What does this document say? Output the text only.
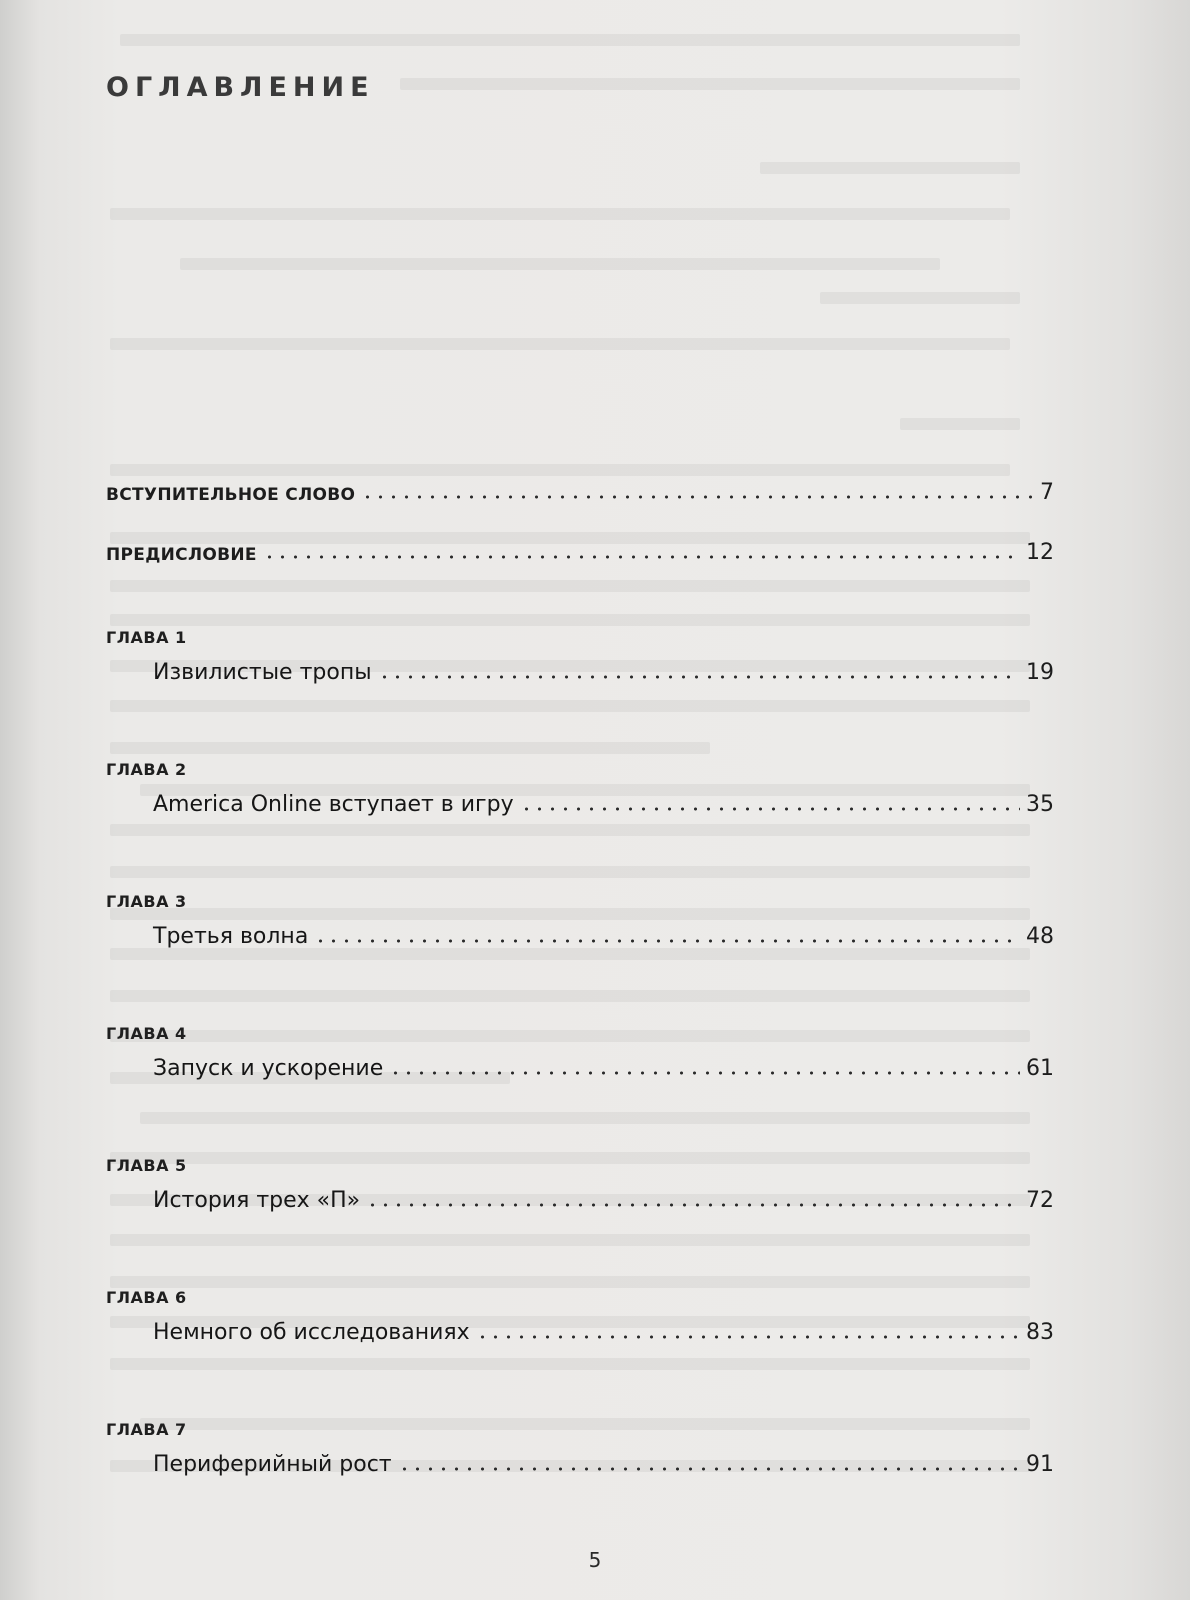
ОГЛАВЛЕНИЕ
ВСТУПИТЕЛЬНОЕ СЛОВО	7
ПРЕДИСЛОВИЕ	12
ГЛАВА 1
Извилистые тропы	19
ГЛАВА 2
America Online вступает в игру	35
ГЛАВА 3
Третья волна	48
ГЛАВА 4
Запуск и ускорение	61
ГЛАВА 5
История трех «П»	72
ГЛАВА 6
Немного об исследованиях	83
ГЛАВА 7
Периферийный рост	91
5
